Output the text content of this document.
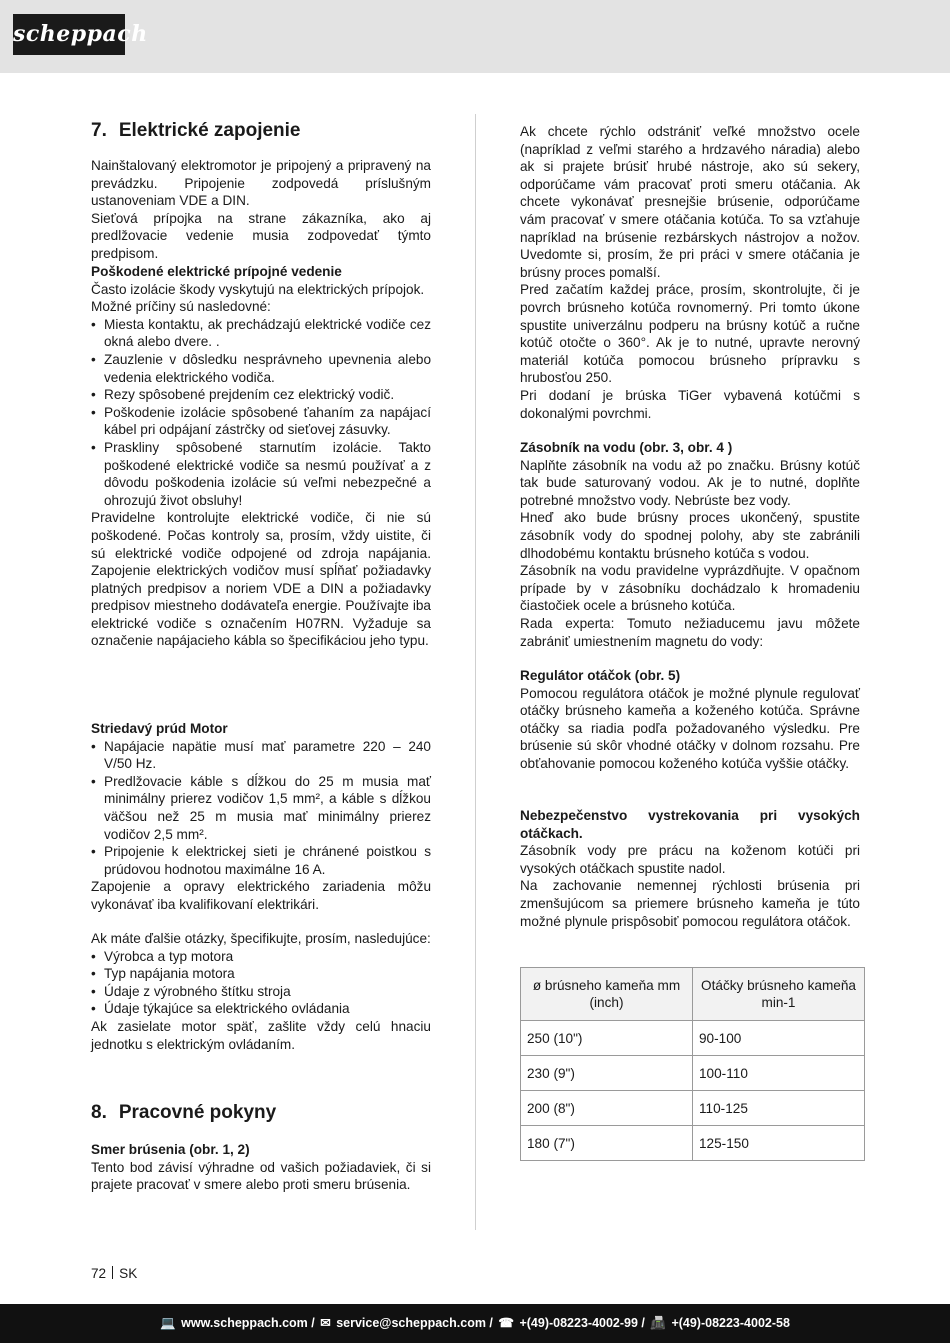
scheppach
7. Elektrické zapojenie

Nainštalovaný elektromotor je pripojený a pripravený na prevádzku. Pripojenie zodpovedá príslušným ustanoveniam VDE a DIN.

Sieťová prípojka na strane zákazníka, ako aj predlžovacie vedenie musia zodpovedať týmto predpisom.

Poškodené elektrické prípojné vedenie

Často izolácie škody vyskytujú na elektrických prípojok.

Možné príčiny sú nasledovné:

• Miesta kontaktu, ak prechádzajú elektrické vodiče cez okná alebo dvere. .
• Zauzlenie v dôsledku nesprávneho upevnenia alebo vedenia elektrického vodiča.
• Rezy spôsobené prejdením cez elektrický vodič.
• Poškodenie izolácie spôsobené ťahaním za napájací kábel pri odpájaní zástrčky od sieťovej zásuvky.
• Praskliny spôsobené starnutím izolácie. Takto poškodené elektrické vodiče sa nesmú používať a z dôvodu poškodenia izolácie sú veľmi nebezpečné a ohrozujú život obsluhy!

Pravidelne kontrolujte elektrické vodiče, či nie sú poškodené. Počas kontroly sa, prosím, vždy uistite, či sú elektrické vodiče odpojené od zdroja napájania. Zapojenie elektrických vodičov musí spĺňať požiadavky platných predpisov a noriem VDE a DIN a požiadavky predpisov miestneho dodávateľa energie. Používajte iba elektrické vodiče s označením H07RN. Vyžaduje sa označenie napájacieho kábla so špecifikáciou jeho typu.

Striedavý prúd Motor

• Napájacie napätie musí mať parametre 220 – 240 V/50 Hz.
• Predlžovacie káble s dĺžkou do 25 m musia mať minimálny prierez vodičov 1,5 mm², a káble s dĺžkou väčšou než 25 m musia mať minimálny prierez vodičov 2,5 mm².
• Pripojenie k elektrickej sieti je chránené poistkou s prúdovou hodnotou maximálne 16 A.

Zapojenie a opravy elektrického zariadenia môžu vykonávať iba kvalifikovaní elektrikári.

Ak máte ďalšie otázky, špecifikujte, prosím, nasledujúce:

• Výrobca a typ motora
• Typ napájania motora
• Údaje z výrobného štítku stroja
• Údaje týkajúce sa elektrického ovládania

Ak zasielate motor späť, zašlite vždy celú hnaciu jednotku s elektrickým ovládaním.

8. Pracovné pokyny

Smer brúsenia (obr. 1, 2)

Tento bod závisí výhradne od vašich požiadaviek, či si prajete pracovať v smere alebo proti smeru brúsenia.

Ak chcete rýchlo odstrániť veľké množstvo ocele (napríklad z veľmi starého a hrdzavého náradia) alebo ak si prajete brúsiť hrubé nástroje, ako sú sekery, odporúčame vám pracovať proti smeru otáčania. Ak chcete vykonávať presnejšie brúsenie, odporúčame vám pracovať v smere otáčania kotúča. To sa vzťahuje napríklad na brúsenie rezbárskych nástrojov a nožov. Uvedomte si, prosím, že pri práci v smere otáčania je brúsny proces pomalší.

Pred začatím každej práce, prosím, skontrolujte, či je povrch brúsneho kotúča rovnomerný. Pri tomto úkone spustite univerzálnu podperu na brúsny kotúč a ručne kotúč otočte o 360°. Ak je to nutné, upravte nerovný materiál kotúča pomocou brúsneho prípravku s hrubosťou 250.

Pri dodaní je brúska TiGer vybavená kotúčmi s dokonalými povrchmi.

Zásobník na vodu (obr. 3, obr. 4 )

Naplňte zásobník na vodu až po značku. Brúsny kotúč tak bude saturovaný vodou. Ak je to nutné, doplňte potrebné množstvo vody. Nebrúste bez vody.

Hneď ako bude brúsny proces ukončený, spustite zásobník vody do spodnej polohy, aby ste zabránili dlhodobému kontaktu brúsneho kotúča s vodou.

Zásobník na vodu pravidelne vyprázdňujte. V opačnom prípade by v zásobníku dochádzalo k hromadeniu čiastočiek ocele a brúsneho kotúča.

Rada experta: Tomuto nežiaducemu javu môžete zabrániť umiestnením magnetu do vody:

Regulátor otáčok (obr. 5)

Pomocou regulátora otáčok je možné plynule regulovať otáčky brúsneho kameňa a koženého kotúča. Správne otáčky sa riadia podľa požadovaného výsledku. Pre brúsenie sú skôr vhodné otáčky v dolnom rozsahu. Pre obťahovanie pomocou koženého kotúča vyššie otáčky.

Nebezpečenstvo vystrekovania pri vysokých otáčkach.

Zásobník vody pre prácu na koženom kotúči pri vysokých otáčkach spustite nadol.

Na zachovanie nemennej rýchlosti brúsenia pri zmenšujúcom sa priemere brúsneho kameňa je túto možné plynule prispôsobiť pomocou regulátora otáčok.

ø brúsneho kameňa mm (inch)	Otáčky brúsneho kameňa min-1
250 (10")	90-100
230 (9")	100-110
200 (8")	110-125
180 (7")	125-150
72 SK
💻 www.scheppach.com / ✉ service@scheppach.com / ☎ +(49)-08223-4002-99 / 📠 +(49)-08223-4002-58
